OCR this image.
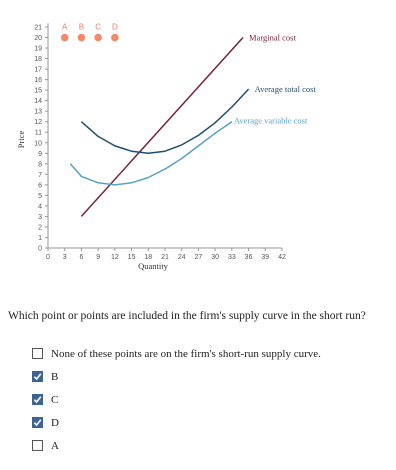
0
1
2
3
4
5
6
7
8
9
10
11
12
13
14
15
16
17
18
19
20
21
0 3 6 9 12 15 18 21 24 27 30 33 36 39 42
Quantity
Price
Marginal cost
Average total cost
Average variable cost
A B C D
Which point or points are included in the firm's supply curve in the short run?
None of these points are on the firm's short-run supply curve.
B
C
D
A
